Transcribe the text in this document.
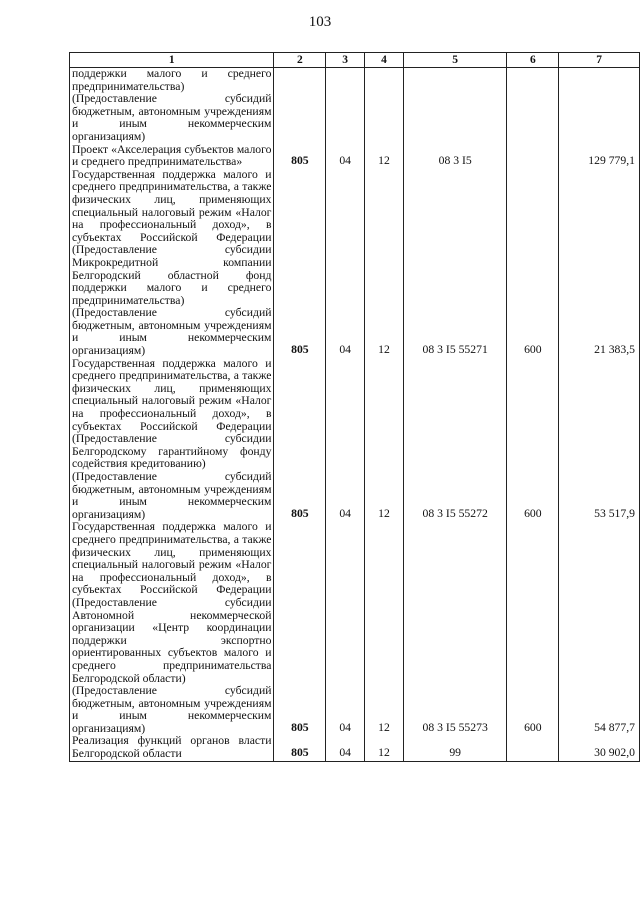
103
1	2	3	4	5	6	7

поддержки малого и среднего предпринимательства)
(Предоставление субсидий бюджетным, автономным учреждениям и иным некоммерческим организациям)
Проект «Акселерация субъектов малого и среднего предпринимательства»	805	04	12	08 3 I5		129 779,1

Государственная поддержка малого и среднего предпринимательства, а также физических лиц, применяющих специальный налоговый режим «Налог на профессиональный доход», в субъектах Российской Федерации (Предоставление субсидии Микрокредитной компании Белгородский областной фонд поддержки малого и среднего предпринимательства)
(Предоставление субсидий бюджетным, автономным учреждениям и иным некоммерческим организациям)	805	04	12	08 3 I5 55271	600	21 383,5

Государственная поддержка малого и среднего предпринимательства, а также физических лиц, применяющих специальный налоговый режим «Налог на профессиональный доход», в субъектах Российской Федерации (Предоставление субсидии Белгородскому гарантийному фонду содействия кредитованию)
(Предоставление субсидий бюджетным, автономным учреждениям и иным некоммерческим организациям)	805	04	12	08 3 I5 55272	600	53 517,9

Государственная поддержка малого и среднего предпринимательства, а также физических лиц, применяющих специальный налоговый режим «Налог на профессиональный доход», в субъектах Российской Федерации (Предоставление субсидии Автономной некоммерческой организации «Центр координации поддержки экспортно ориентированных субъектов малого и среднего предпринимательства Белгородской области)
(Предоставление субсидий бюджетным, автономным учреждениям и иным некоммерческим организациям)	805	04	12	08 3 I5 55273	600	54 877,7

Реализация функций органов власти Белгородской области	805	04	12	99		30 902,0
